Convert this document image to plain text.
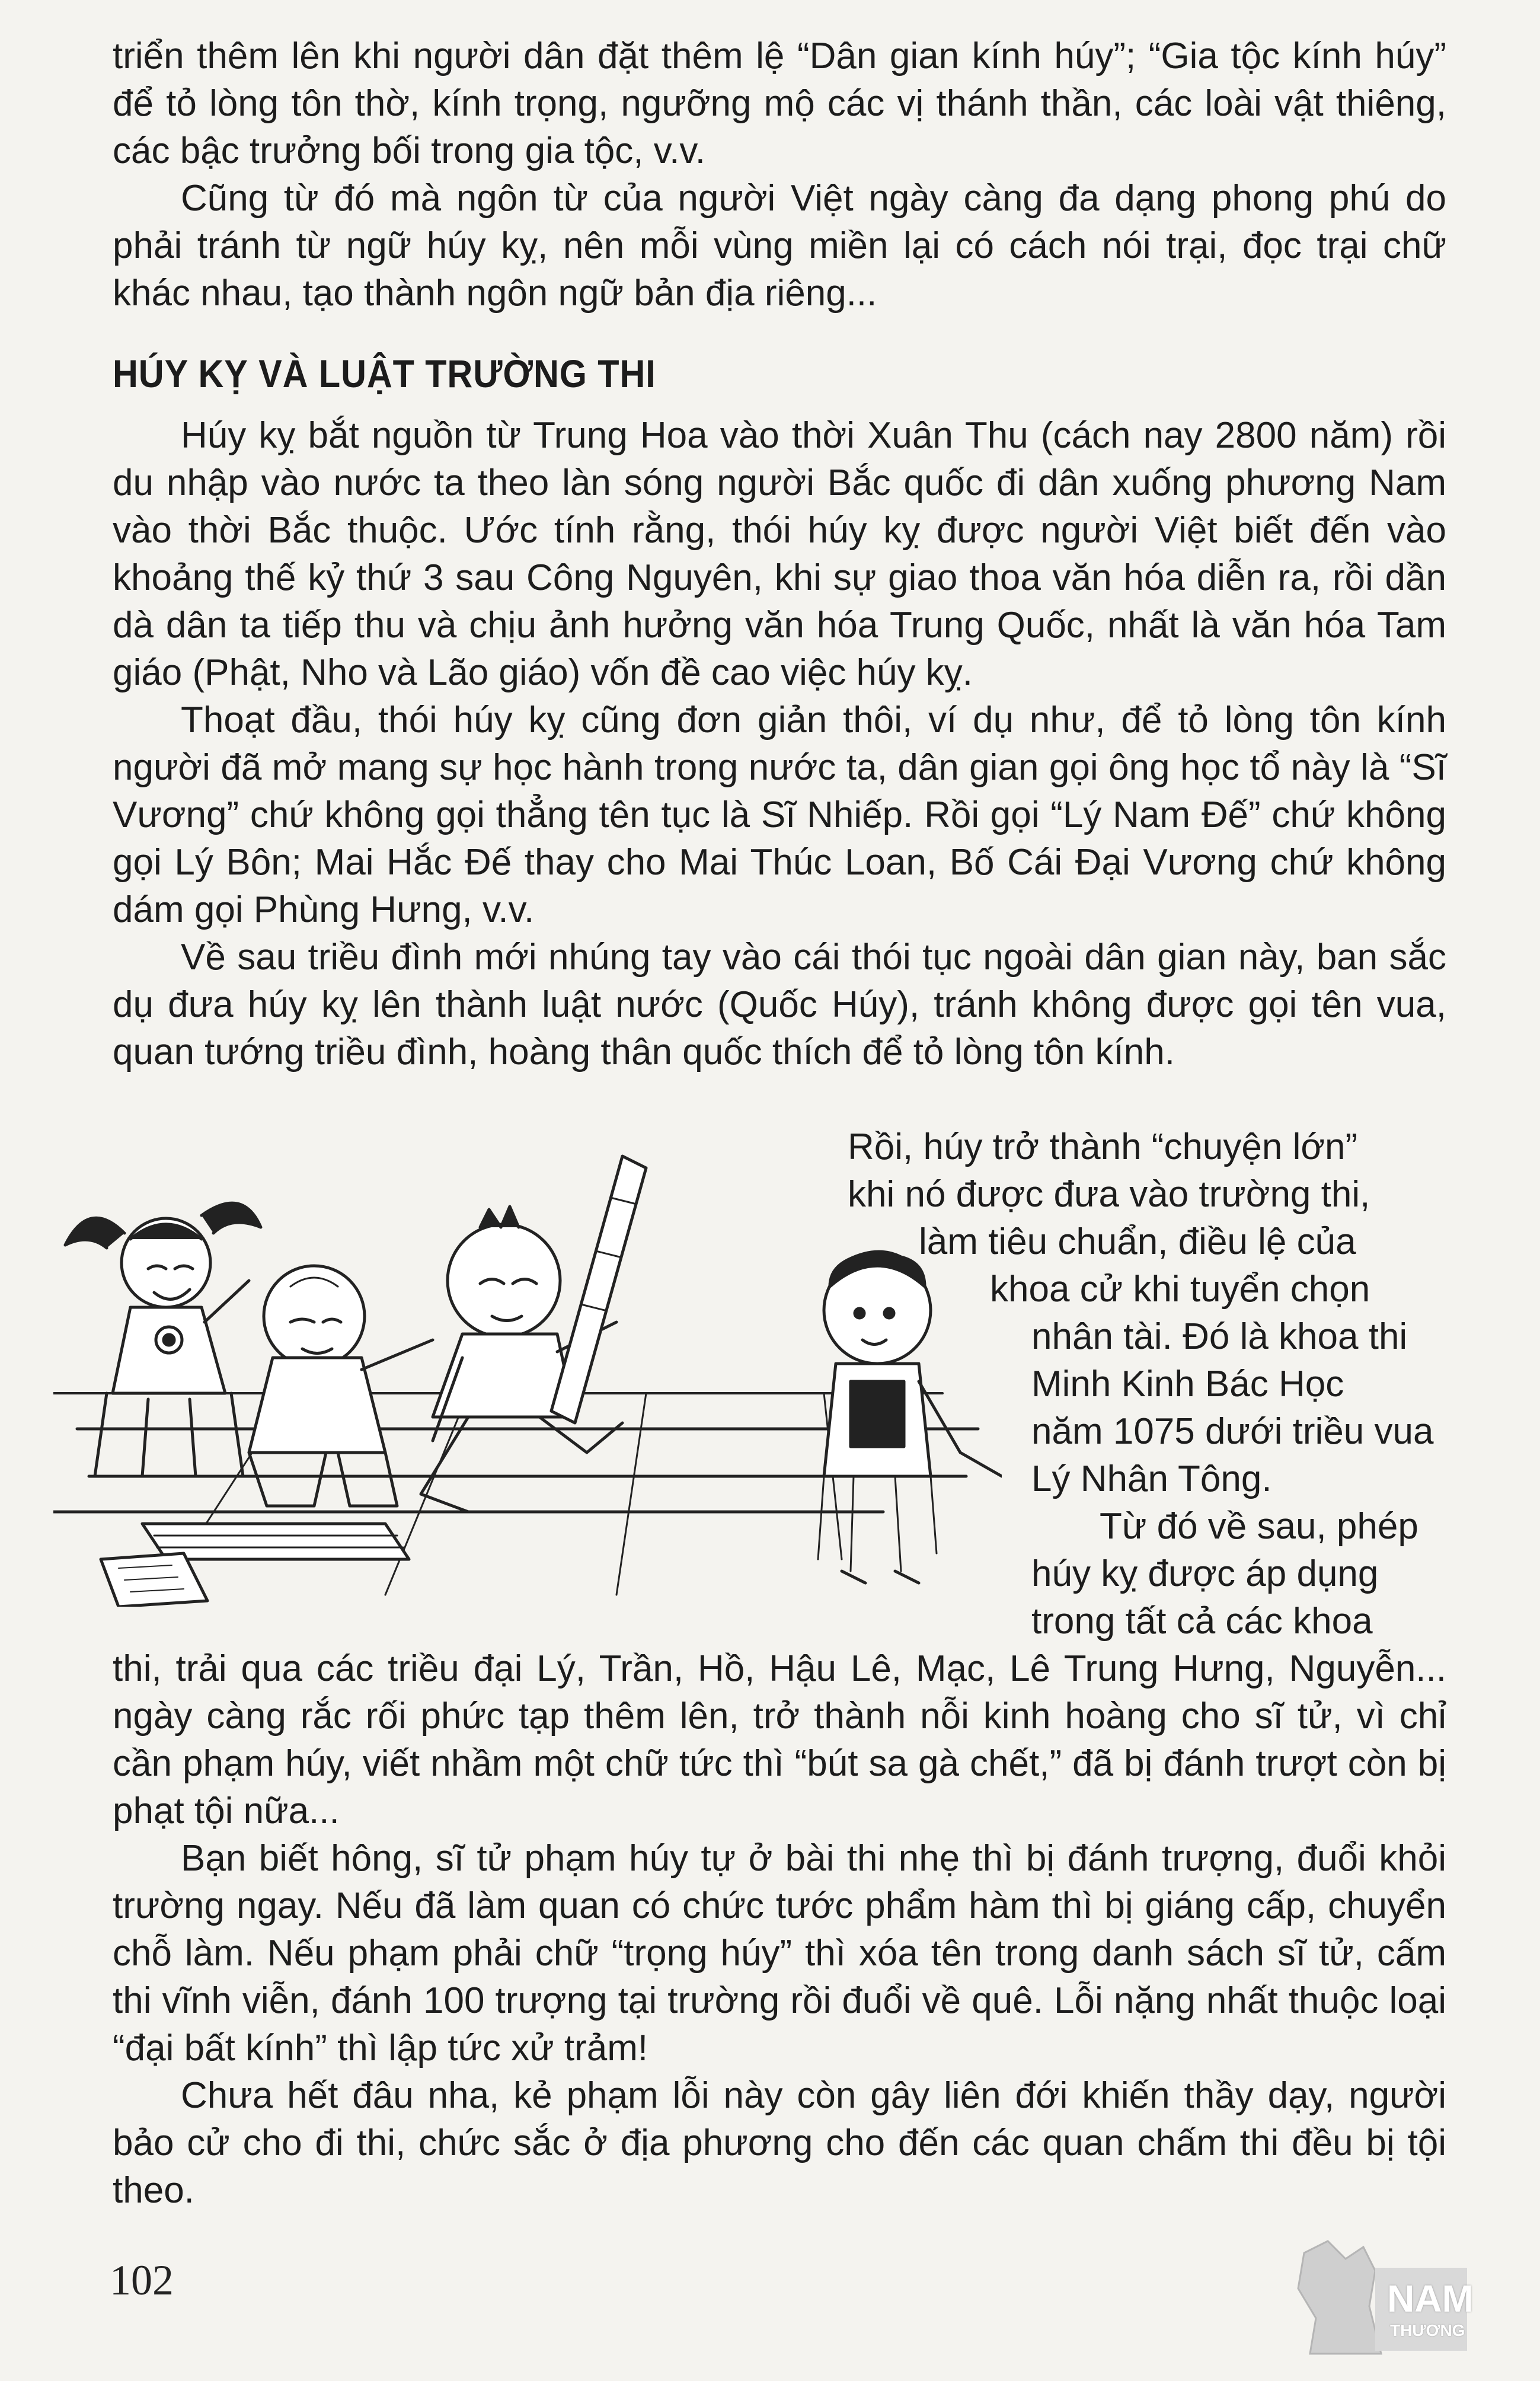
triển thêm lên khi người dân đặt thêm lệ “Dân gian kính húy”; “Gia tộc kính húy” để tỏ lòng tôn thờ, kính trọng, ngưỡng mộ các vị thánh thần, các loài vật thiêng, các bậc trưởng bối trong gia tộc, v.v.

Cũng từ đó mà ngôn từ của người Việt ngày càng đa dạng phong phú do phải tránh từ ngữ húy kỵ, nên mỗi vùng miền lại có cách nói trại, đọc trại chữ khác nhau, tạo thành ngôn ngữ bản địa riêng...

HÚY KỴ VÀ LUẬT TRƯỜNG THI

Húy kỵ bắt nguồn từ Trung Hoa vào thời Xuân Thu (cách nay 2800 năm) rồi du nhập vào nước ta theo làn sóng người Bắc quốc đi dân xuống phương Nam vào thời Bắc thuộc. Ước tính rằng, thói húy kỵ được người Việt biết đến vào khoảng thế kỷ thứ 3 sau Công Nguyên, khi sự giao thoa văn hóa diễn ra, rồi dần dà dân ta tiếp thu và chịu ảnh hưởng văn hóa Trung Quốc, nhất là văn hóa Tam giáo (Phật, Nho và Lão giáo) vốn đề cao việc húy kỵ.

Thoạt đầu, thói húy kỵ cũng đơn giản thôi, ví dụ như, để tỏ lòng tôn kính người đã mở mang sự học hành trong nước ta, dân gian gọi ông học tổ này là “Sĩ Vương” chứ không gọi thẳng tên tục là Sĩ Nhiếp. Rồi gọi “Lý Nam Đế” chứ không gọi Lý Bôn; Mai Hắc Đế thay cho Mai Thúc Loan, Bố Cái Đại Vương chứ không dám gọi Phùng Hưng, v.v.

Về sau triều đình mới nhúng tay vào cái thói tục ngoài dân gian này, ban sắc dụ đưa húy kỵ lên thành luật nước (Quốc Húy), tránh không được gọi tên vua, quan tướng triều đình, hoàng thân quốc thích để tỏ lòng tôn kính.

Rồi, húy trở thành “chuyện lớn”
khi nó được đưa vào trường thi,
làm tiêu chuẩn, điều lệ của
khoa cử khi tuyển chọn
nhân tài. Đó là khoa thi
Minh Kinh Bác Học
năm 1075 dưới triều vua
Lý Nhân Tông.
Từ đó về sau, phép
húy kỵ được áp dụng
trong tất cả các khoa

thi, trải qua các triều đại Lý, Trần, Hồ, Hậu Lê, Mạc, Lê Trung Hưng, Nguyễn... ngày càng rắc rối phức tạp thêm lên, trở thành nỗi kinh hoàng cho sĩ tử, vì chỉ cần phạm húy, viết nhầm một chữ tức thì “bút sa gà chết,” đã bị đánh trượt còn bị phạt tội nữa...

Bạn biết hông, sĩ tử phạm húy tự ở bài thi nhẹ thì bị đánh trượng, đuổi khỏi trường ngay. Nếu đã làm quan có chức tước phẩm hàm thì bị giáng cấp, chuyển chỗ làm. Nếu phạm phải chữ “trọng húy” thì xóa tên trong danh sách sĩ tử, cấm thi vĩnh viễn, đánh 100 trượng tại trường rồi đuổi về quê. Lỗi nặng nhất thuộc loại “đại bất kính” thì lập tức xử trảm!

Chưa hết đâu nha, kẻ phạm lỗi này còn gây liên đới khiến thầy dạy, người bảo cử cho đi thi, chức sắc ở địa phương cho đến các quan chấm thi đều bị tội theo.

102	NAM
THƯƠNG
